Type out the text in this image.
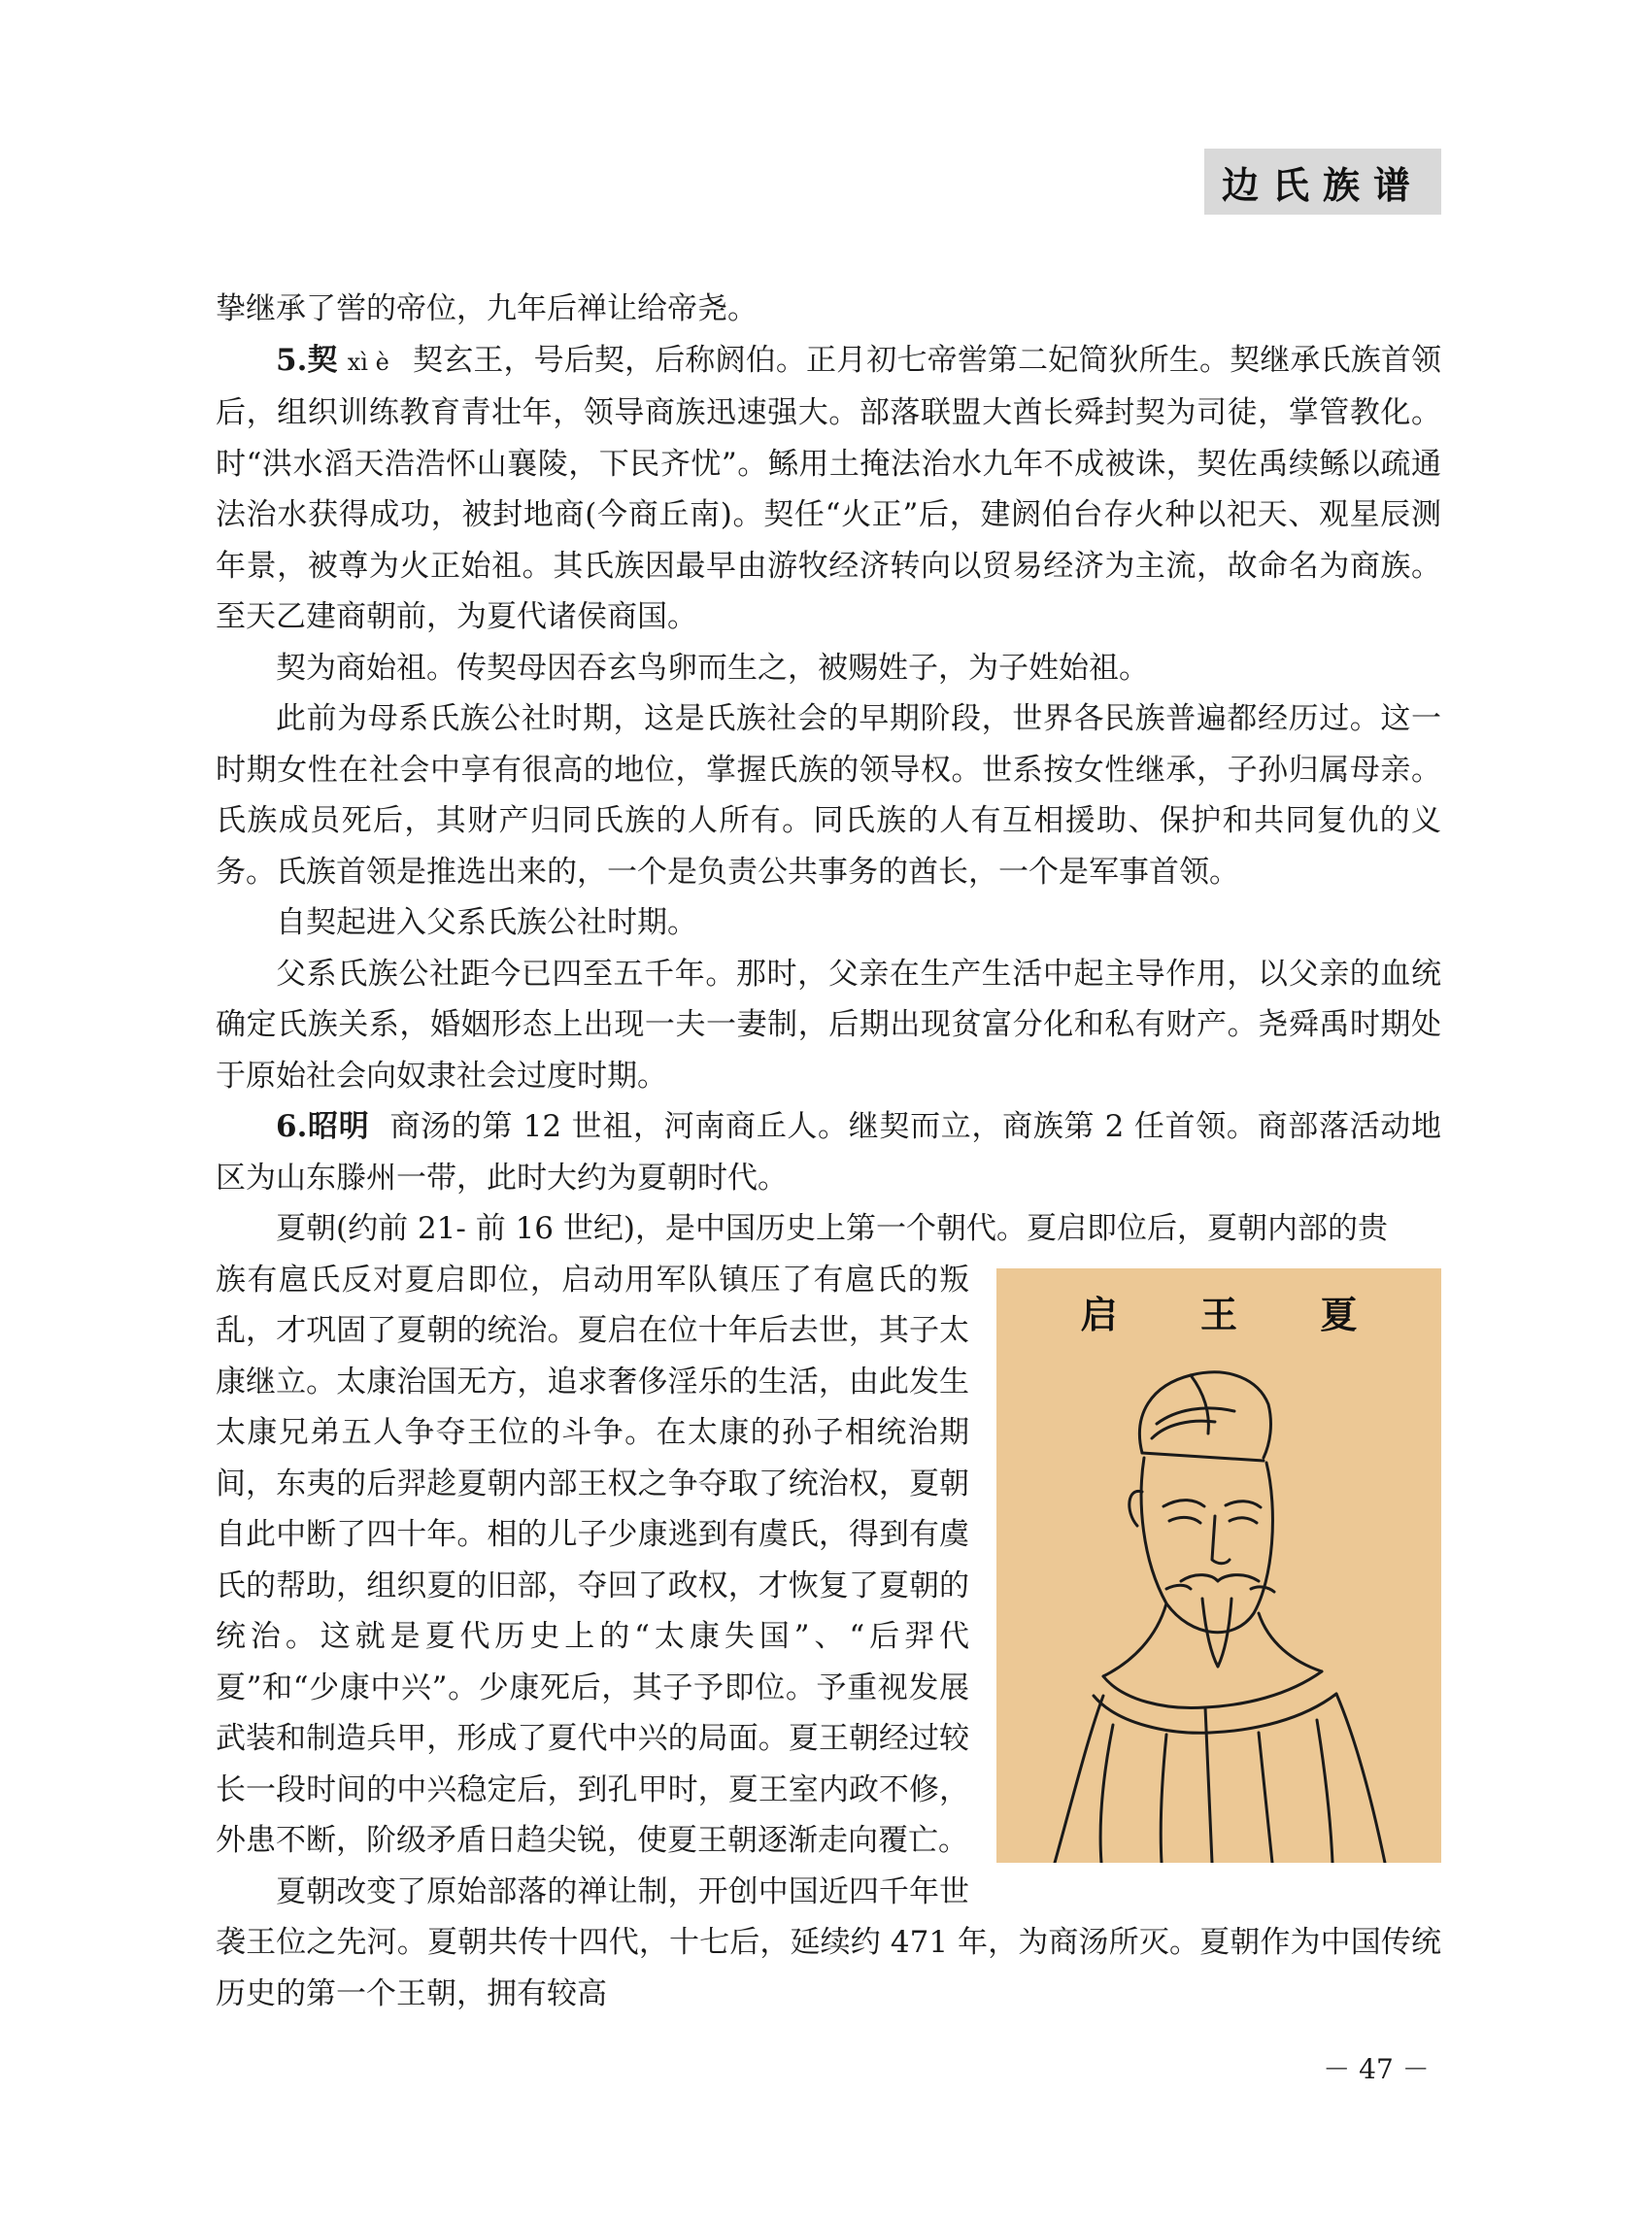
边氏族谱

挚继承了喾的帝位，九年后禅让给帝尧。

5.契 xì è 契玄王，号后契，后称阏伯。正月初七帝喾第二妃简狄所生。契继承氏族首领后，组织训练教育青壮年，领导商族迅速强大。部落联盟大酋长舜封契为司徒，掌管教化。时“洪水滔天浩浩怀山襄陵，下民齐忧”。鲧用土掩法治水九年不成被诛，契佐禹续鲧以疏通法治水获得成功，被封地商(今商丘南)。契任“火正”后，建阏伯台存火种以祀天、观星辰测年景，被尊为火正始祖。其氏族因最早由游牧经济转向以贸易经济为主流，故命名为商族。至天乙建商朝前，为夏代诸侯商国。

契为商始祖。传契母因吞玄鸟卵而生之，被赐姓子，为子姓始祖。

此前为母系氏族公社时期，这是氏族社会的早期阶段，世界各民族普遍都经历过。这一时期女性在社会中享有很高的地位，掌握氏族的领导权。世系按女性继承，子孙归属母亲。氏族成员死后，其财产归同氏族的人所有。同氏族的人有互相援助、保护和共同复仇的义务。氏族首领是推选出来的，一个是负责公共事务的酋长，一个是军事首领。

自契起进入父系氏族公社时期。

父系氏族公社距今已四至五千年。那时，父亲在生产生活中起主导作用，以父亲的血统确定氏族关系，婚姻形态上出现一夫一妻制，后期出现贫富分化和私有财产。尧舜禹时期处于原始社会向奴隶社会过度时期。

6.昭明 商汤的第 12 世祖，河南商丘人。继契而立，商族第 2 任首领。商部落活动地区为山东滕州一带，此时大约为夏朝时代。

夏朝(约前 21- 前 16 世纪)，是中国历史上第一个朝代。夏启即位后，夏朝内部的贵

启 王 夏

族有扈氏反对夏启即位，启动用军队镇压了有扈氏的叛乱，才巩固了夏朝的统治。夏启在位十年后去世，其子太康继立。太康治国无方，追求奢侈淫乐的生活，由此发生太康兄弟五人争夺王位的斗争。在太康的孙子相统治期间，东夷的后羿趁夏朝内部王权之争夺取了统治权，夏朝自此中断了四十年。相的儿子少康逃到有虞氏，得到有虞氏的帮助，组织夏的旧部，夺回了政权，才恢复了夏朝的统治。这就是夏代历史上的“太康失国”、“后羿代夏”和“少康中兴”。少康死后，其子予即位。予重视发展武装和制造兵甲，形成了夏代中兴的局面。夏王朝经过较长一段时间的中兴稳定后，到孔甲时，夏王室内政不修，外患不断，阶级矛盾日趋尖锐，使夏王朝逐渐走向覆亡。

夏朝改变了原始部落的禅让制，开创中国近四千年世袭王位之先河。夏朝共传十四代，十七后，延续约 471 年，为商汤所灭。夏朝作为中国传统历史的第一个王朝，拥有较高

－ 47 －
